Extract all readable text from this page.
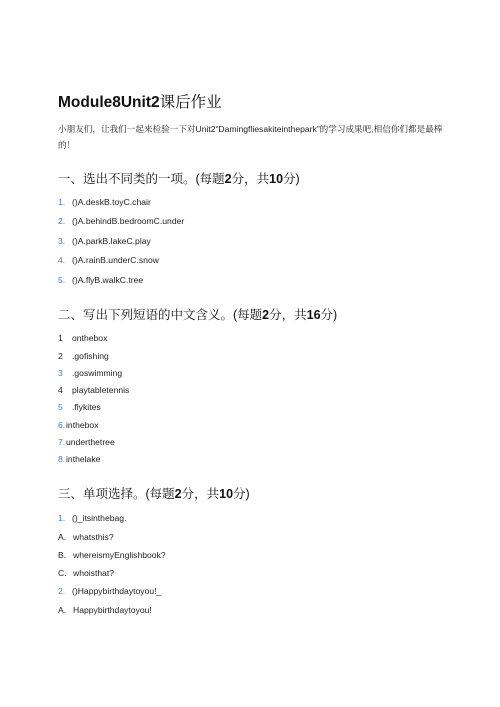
Module8Unit2课后作业
小朋友们，让我们一起来检验一下对Unit2“Damingfliesakiteinthepark”的学习成果吧,相信你们都是最棒的！
一、选出不同类的一项。(每题2分，共10分)
1. ()A.deskB.toyC.chair
2. ()A.behindB.bedroomC.under
3. ()A.parkB.lakeC.play
4. ()A.rainB.underC.snow
5. ()A.flyB.walkC.tree
二、写出下列短语的中文含义。(每题2分，共16分)
1 onthebox
2 .gofishing
3 .goswimming
4 playtabletennis
5 .flykites
6.inthebox
7.underthetree
8.inthelake
三、单项选择。(每题2分，共10分)
1. ()_itsinthebag.
A. whatsthis?
B. whereismyEnglishbook?
C. whoisthat?
2. ()Happybirthdaytoyou!_
A. Happybirthdaytoyou!
